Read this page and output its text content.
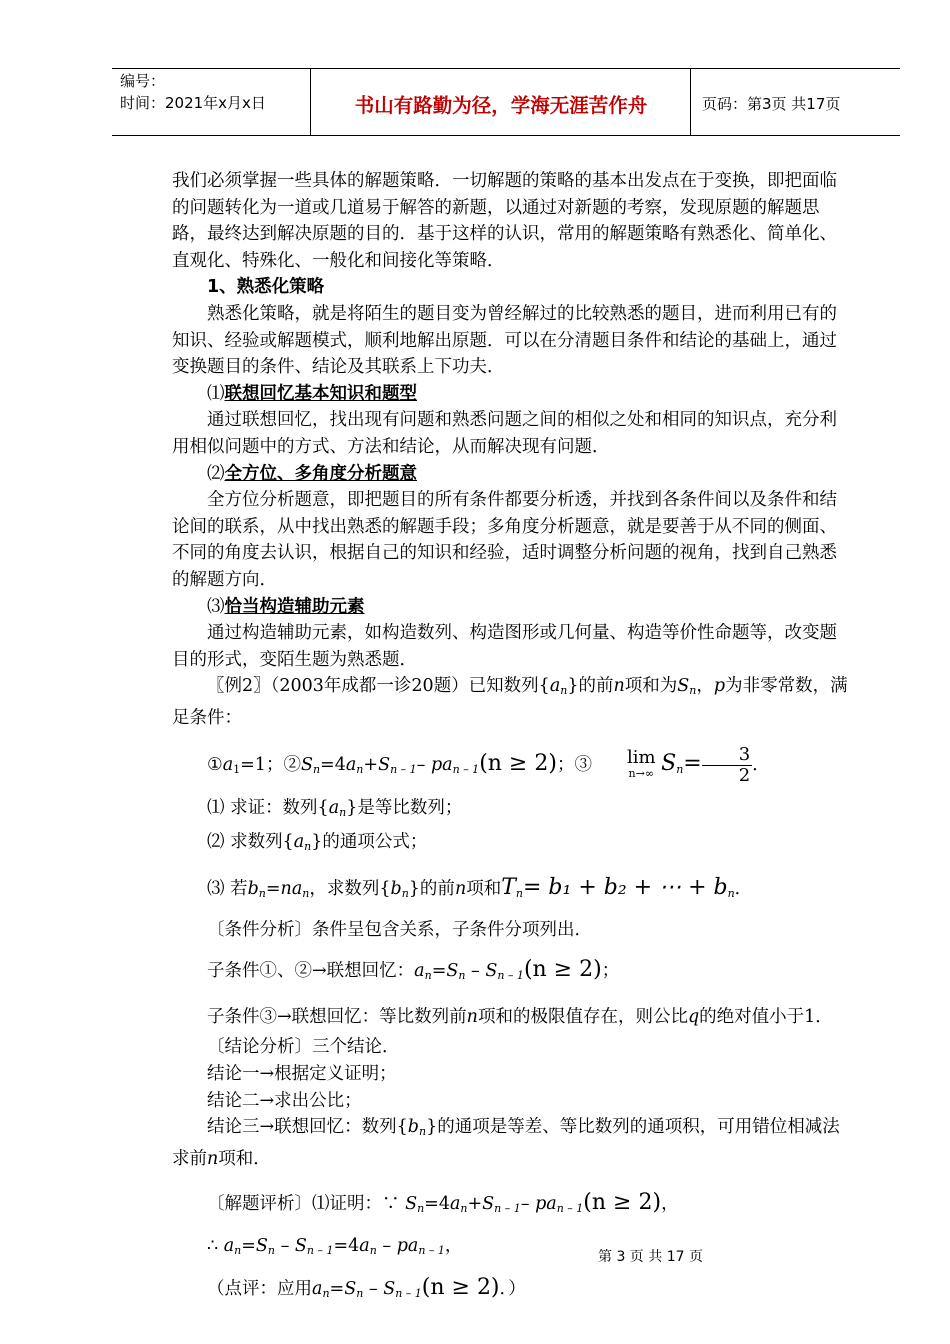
编号：
时间：2021年x月x日	书山有路勤为径，学海无涯苦作舟	页码：第3页 共17页

我们必须掌握一些具体的解题策略．一切解题的策略的基本出发点在于变换，即把面临的问题转化为一道或几道易于解答的新题，以通过对新题的考察，发现原题的解题思路，最终达到解决原题的目的．基于这样的认识，常用的解题策略有熟悉化、简单化、直观化、特殊化、一般化和间接化等策略．

1、熟悉化策略

熟悉化策略，就是将陌生的题目变为曾经解过的比较熟悉的题目，进而利用已有的知识、经验或解题模式，顺利地解出原题．可以在分清题目条件和结论的基础上，通过变换题目的条件、结论及其联系上下功夫．

⑴联想回忆基本知识和题型

通过联想回忆，找出现有问题和熟悉问题之间的相似之处和相同的知识点，充分利用相似问题中的方式、方法和结论，从而解决现有问题．

⑵全方位、多角度分析题意

全方位分析题意，即把题目的所有条件都要分析透，并找到各条件间以及条件和结论间的联系，从中找出熟悉的解题手段；多角度分析题意，就是要善于从不同的侧面、不同的角度去认识，根据自己的知识和经验，适时调整分析问题的视角，找到自己熟悉的解题方向．

⑶恰当构造辅助元素

通过构造辅助元素，如构造数列、构造图形或几何量、构造等价性命题等，改变题目的形式，变陌生题为熟悉题．

〖例2〗（2003年成都一诊20题）已知数列$\{a_n\}$的前n项和为$S_n$，p为非零常数，满足条件：

$①a_1=1$；$②S_n=4a_n+S_{n - 1}-$ $pa_{n - 1}(n \ge 2)$；③	lim
n→∞ $S_n= \frac{3}{2}$ ．

⑴ 求证：数列$\{a_n\}$是等比数列；

⑵ 求数列$\{a_n\}$的通项公式；

⑶ 若$b_n=na_n$，求数列$\{b_n\}$的前n项和$T_n= b_1 + b_2$ + ⋯ + $b_n$．

〔条件分析〕条件呈包含关系，子条件分项列出．

子条件①、②→联想回忆：$a_n=S_n - S_{n - 1}(n \ge 2)$；

子条件③→联想回忆：等比数列前n项和的极限值存在，则公比q的绝对值小于1．

〔结论分析〕三个结论．

结论一→根据定义证明；

结论二→求出公比；

结论三→联想回忆：数列$\{b_n\}$的通项是等差、等比数列的通项积，可用错位相减法求前n项和．

〔解题评析〕⑴证明：∵ $S_n=4a_n+S_{n - 1}-$ $pa_{n - 1}(n \ge 2)$，

∴ $a_n=S_n - S_{n - 1}=4a_n - pa_{n - 1}$，

（点评：应用$a_n=S_n - S_{n - 1}(n \ge 2)$．）

第 3 页 共 17 页
